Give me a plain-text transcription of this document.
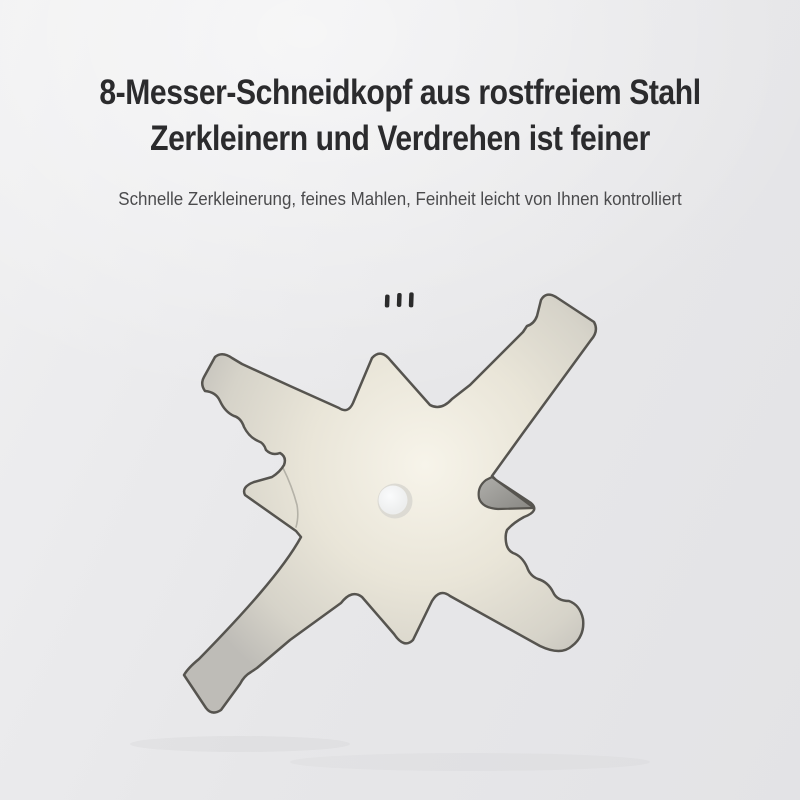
8-Messer-Schneidkopf aus rostfreiem Stahl
Zerkleinern und Verdrehen ist feiner
Schnelle Zerkleinerung, feines Mahlen, Feinheit leicht von Ihnen kontrolliert
